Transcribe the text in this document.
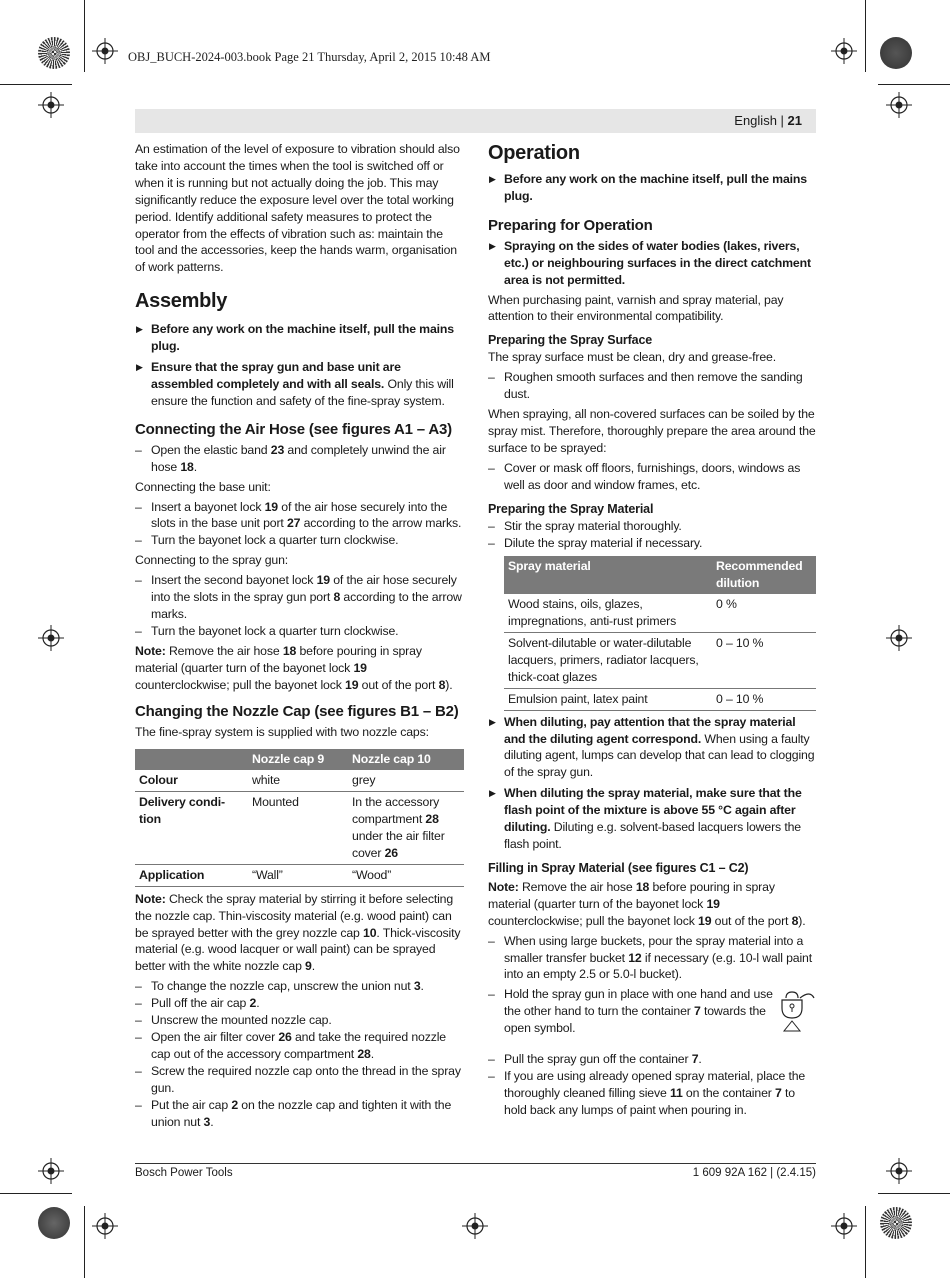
OBJ_BUCH-2024-003.book Page 21 Thursday, April 2, 2015 10:48 AM
English | 21

An estimation of the level of exposure to vibration should also take into account the times when the tool is switched off or when it is running but not actually doing the job. This may significantly reduce the exposure level over the total working period. Identify additional safety measures to protect the operator from the effects of vibration such as: maintain the tool and the accessories, keep the hands warm, organisation of work patterns.

Assembly

▶ Before any work on the machine itself, pull the mains plug.

▶ Ensure that the spray gun and base unit are assembled completely and with all seals. Only this will ensure the function and safety of the fine-spray system.

Connecting the Air Hose (see figures A1 – A3)

– Open the elastic band 23 and completely unwind the air hose 18.

Connecting the base unit:

– Insert a bayonet lock 19 of the air hose securely into the slots in the base unit port 27 according to the arrow marks.

– Turn the bayonet lock a quarter turn clockwise.

Connecting to the spray gun:

– Insert the second bayonet lock 19 of the air hose securely into the slots in the spray gun port 8 according to the arrow marks.

– Turn the bayonet lock a quarter turn clockwise.

Note: Remove the air hose 18 before pouring in spray material (quarter turn of the bayonet lock 19 counterclockwise; pull the bayonet lock 19 out of the port 8).

Changing the Nozzle Cap (see figures B1 – B2)

The fine-spray system is supplied with two nozzle caps:

	Nozzle cap 9	Nozzle cap 10
Colour	white	grey
Delivery condi-tion	Mounted	In the accessory compartment 28 under the air filter cover 26
Application	“Wall”	“Wood”

Note: Check the spray material by stirring it before selecting the nozzle cap. Thin-viscosity material (e.g. wood paint) can be sprayed better with the grey nozzle cap 10. Thick-viscosity material (e.g. wood lacquer or wall paint) can be sprayed better with the white nozzle cap 9.

– To change the nozzle cap, unscrew the union nut 3.

– Pull off the air cap 2.

– Unscrew the mounted nozzle cap.

– Open the air filter cover 26 and take the required nozzle cap out of the accessory compartment 28.

– Screw the required nozzle cap onto the thread in the spray gun.

– Put the air cap 2 on the nozzle cap and tighten it with the union nut 3.

Operation

▶ Before any work on the machine itself, pull the mains plug.

Preparing for Operation

▶ Spraying on the sides of water bodies (lakes, rivers, etc.) or neighbouring surfaces in the direct catchment area is not permitted.

When purchasing paint, varnish and spray material, pay attention to their environmental compatibility.

Preparing the Spray Surface

The spray surface must be clean, dry and grease-free.

– Roughen smooth surfaces and then remove the sanding dust.

When spraying, all non-covered surfaces can be soiled by the spray mist. Therefore, thoroughly prepare the area around the surface to be sprayed:

– Cover or mask off floors, furnishings, doors, windows as well as door and window frames, etc.

Preparing the Spray Material

– Stir the spray material thoroughly.

– Dilute the spray material if necessary.

Spray material	Recommended dilution
Wood stains, oils, glazes, impregnations, anti-rust primers	0 %
Solvent-dilutable or water-dilutable lacquers, primers, radiator lacquers, thick-coat glazes	0 – 10 %
Emulsion paint, latex paint	0 – 10 %

▶ When diluting, pay attention that the spray material and the diluting agent correspond. When using a faulty diluting agent, lumps can develop that can lead to clogging of the spray gun.

▶ When diluting the spray material, make sure that the flash point of the mixture is above 55 °C again after diluting. Diluting e.g. solvent-based lacquers lowers the flash point.

Filling in Spray Material (see figures C1 – C2)

Note: Remove the air hose 18 before pouring in spray material (quarter turn of the bayonet lock 19 counterclockwise; pull the bayonet lock 19 out of the port 8).

– When using large buckets, pour the spray material into a smaller transfer bucket 12 if necessary (e.g. 10-l wall paint into an empty 2.5 or 5.0-l bucket).

– Hold the spray gun in place with one hand and use the other hand to turn the container 7 towards the open symbol.

– Pull the spray gun off the container 7.

– If you are using already opened spray material, place the thoroughly cleaned filling sieve 11 on the container 7 to hold back any lumps of paint when pouring in.

Bosch Power Tools	1 609 92A 162 | (2.4.15)
